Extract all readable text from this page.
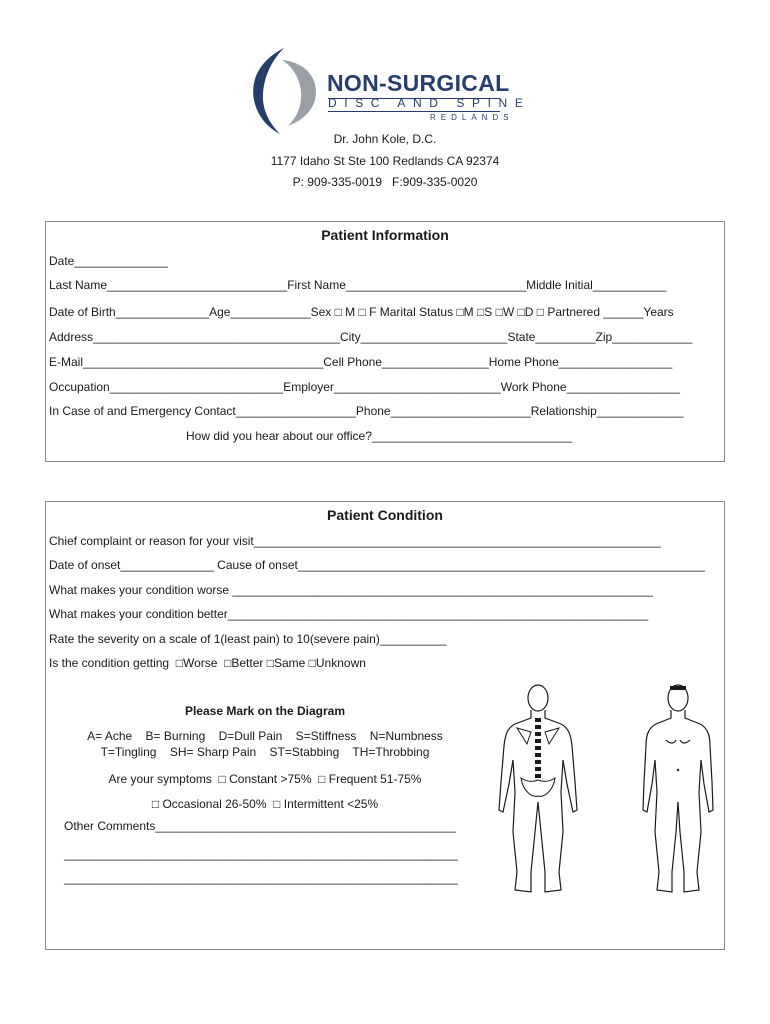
NON-SURGICAL
DISC AND SPINE
REDLANDS
Dr. John Kole, D.C.
1177 Idaho St Ste 100 Redlands CA 92374
P: 909-335-0019   F:909-335-0020
Patient Information
Date______________
Last Name___________________________First Name___________________________Middle Initial___________
Date of Birth______________Age____________Sex □ M □ F Marital Status □M □S □W □D □ Partnered ______Years
Address_____________________________________City______________________State_________Zip____________
E-Mail____________________________________Cell Phone________________Home Phone_________________
Occupation__________________________Employer_________________________Work Phone_________________
In Case of and Emergency Contact__________________Phone_____________________Relationship_____________
How did you hear about our office?______________________________
Patient Condition
Chief complaint or reason for your visit_____________________________________________________________
Date of onset______________ Cause of onset_____________________________________________________________
What makes your condition worse _______________________________________________________________
What makes your condition better_______________________________________________________________
Rate the severity on a scale of 1(least pain) to 10(severe pain)__________
Is the condition getting  □Worse  □Better □Same □Unknown
Please Mark on the Diagram
A= Ache    B= Burning    D=Dull Pain    S=Stiffness    N=Numbness
T=Tingling    SH= Sharp Pain    ST=Stabbing    TH=Throbbing
Are your symptoms  □ Constant >75%  □ Frequent 51-75%
□ Occasional 26-50%  □ Intermittent <25%
Other Comments_____________________________________________
___________________________________________________________
___________________________________________________________
